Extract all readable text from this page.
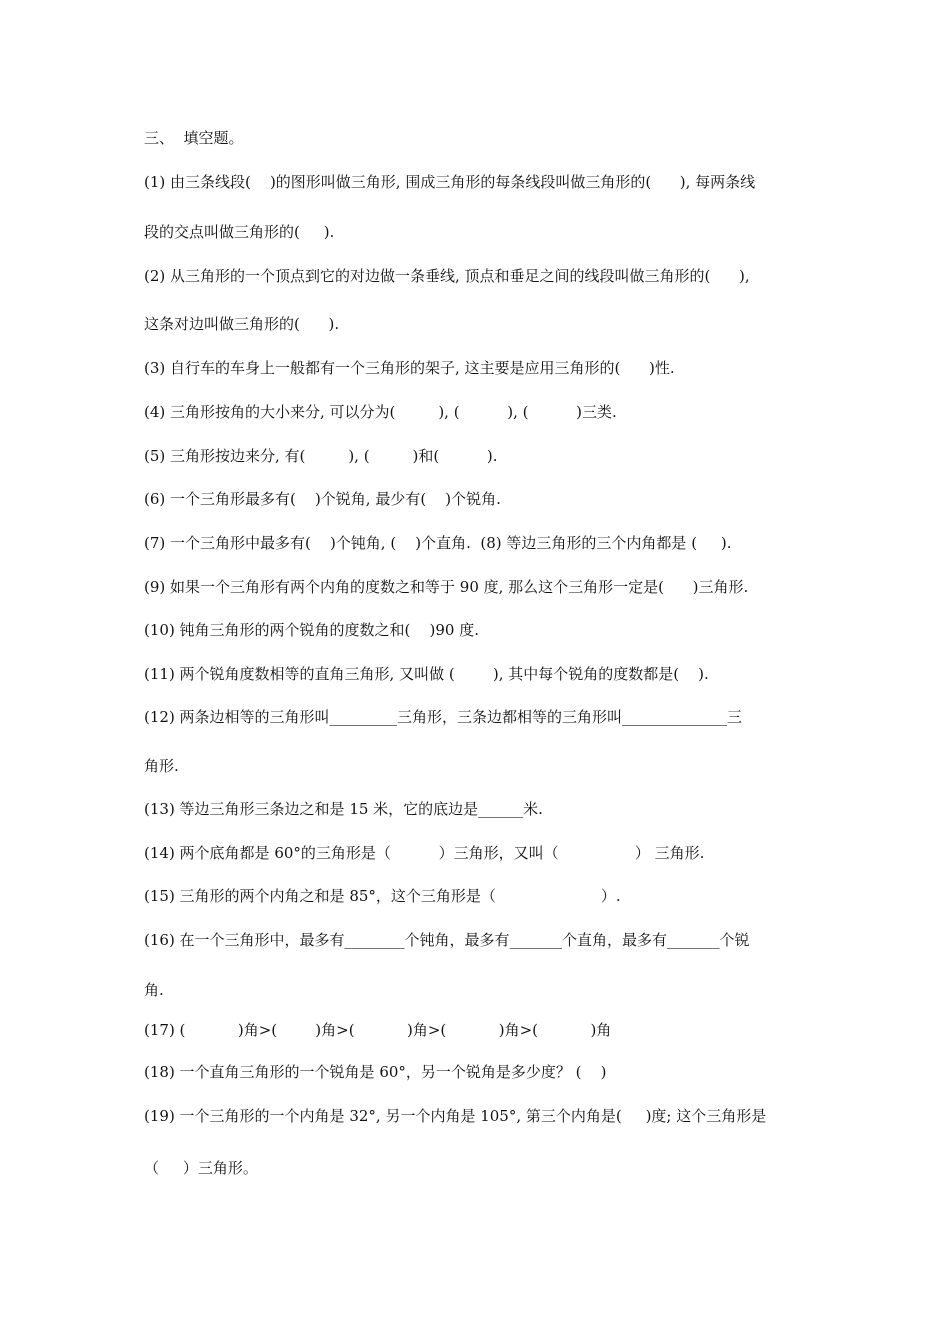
三、  填空题。
(1) 由三条线段(    )的图形叫做三角形, 围成三角形的每条线段叫做三角形的(      ), 每两条线
段的交点叫做三角形的(     ).
(2) 从三角形的一个顶点到它的对边做一条垂线, 顶点和垂足之间的线段叫做三角形的(      ),
这条对边叫做三角形的(      ).
(3) 自行车的车身上一般都有一个三角形的架子, 这主要是应用三角形的(      )性.
(4) 三角形按角的大小来分, 可以分为(         ), (          ), (          )三类.
(5) 三角形按边来分, 有(         ), (         )和(          ).
(6) 一个三角形最多有(    )个锐角, 最少有(    )个锐角.
(7) 一个三角形中最多有(    )个钝角, (    )个直角.  (8) 等边三角形的三个内角都是 (     ).
(9) 如果一个三角形有两个内角的度数之和等于 90 度, 那么这个三角形一定是(      )三角形.
(10) 钝角三角形的两个锐角的度数之和(    )90 度.
(11) 两个锐角度数相等的直角三角形, 又叫做 (        ), 其中每个锐角的度数都是(    ).
(12) 两条边相等的三角形叫_________三角形，三条边都相等的三角形叫______________三
角形.
(13) 等边三角形三条边之和是 15 米，它的底边是______米.
(14) 两个底角都是 60°的三角形是（          ）三角形，又叫（                ） 三角形.
(15) 三角形的两个内角之和是 85°，这个三角形是（                      ）.
(16) 在一个三角形中，最多有________个钝角，最多有_______个直角，最多有_______个锐
角.
(17) (           )角>(        )角>(           )角>(           )角>(           )角
(18) 一个直角三角形的一个锐角是 60°，另一个锐角是多少度？ (    )
(19) 一个三角形的一个内角是 32°, 另一个内角是 105°, 第三个内角是(     )度; 这个三角形是
（     ）三角形。
